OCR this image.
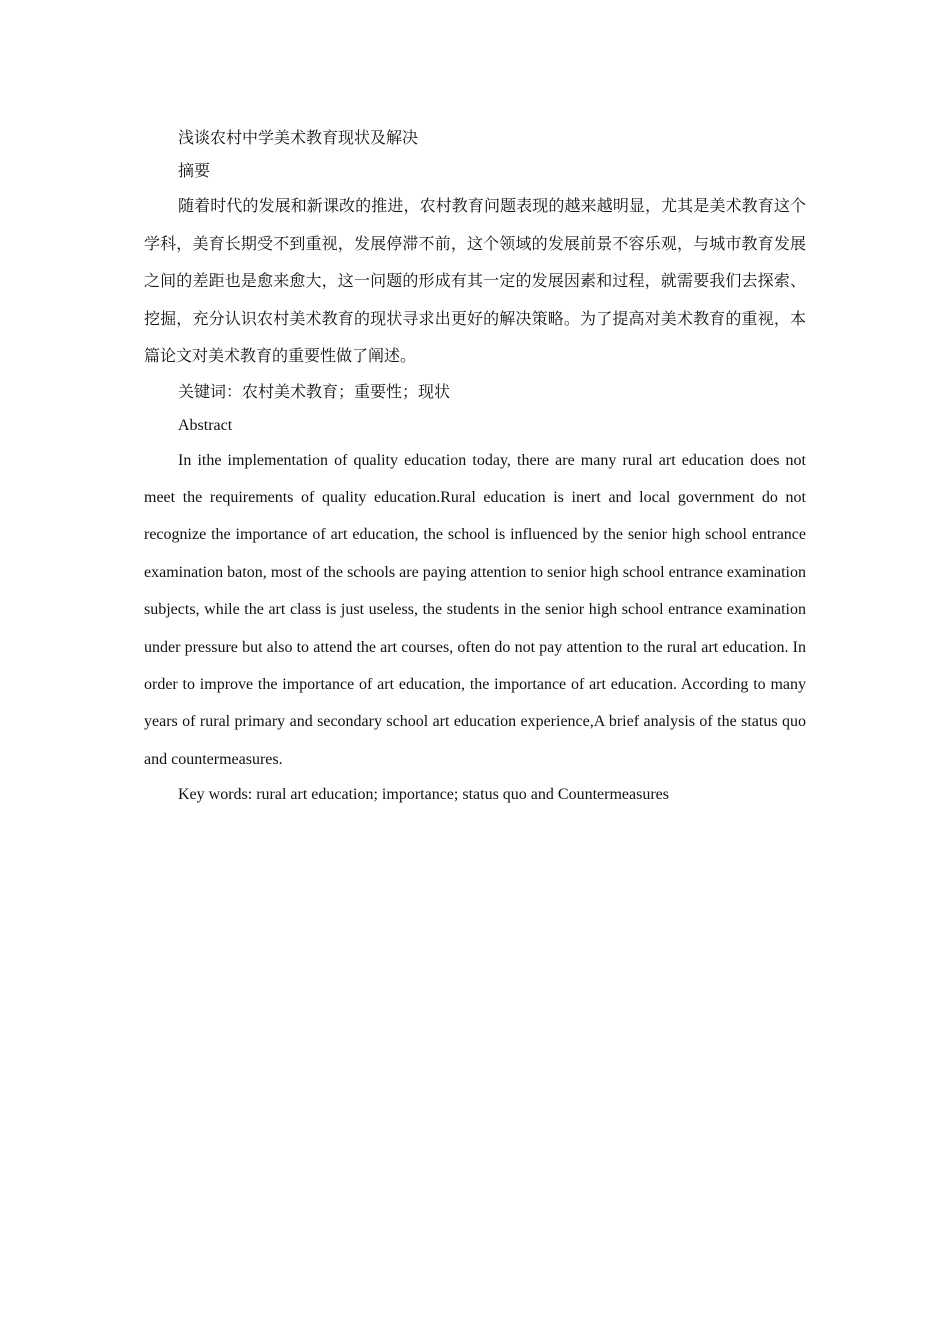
浅谈农村中学美术教育现状及解决

摘要

随着时代的发展和新课改的推进，农村教育问题表现的越来越明显，尤其是美术教育这个学科，美育长期受不到重视，发展停滞不前，这个领域的发展前景不容乐观，与城市教育发展之间的差距也是愈来愈大，这一问题的形成有其一定的发展因素和过程，就需要我们去探索、挖掘，充分认识农村美术教育的现状寻求出更好的解决策略。为了提高对美术教育的重视，本篇论文对美术教育的重要性做了阐述。

关键词：农村美术教育；重要性；现状

Abstract

In ithe implementation of quality education today, there are many rural art education does not meet the requirements of quality education.Rural education is inert and local government do not recognize the importance of art education, the school is influenced by the senior high school entrance examination baton, most of the schools are paying attention to senior high school entrance examination subjects, while the art class is just useless, the students in the senior high school entrance examination under pressure but also to attend the art courses, often do not pay attention to the rural art education. In order to improve the importance of art education, the importance of art education. According to many years of rural primary and secondary school art education experience,A brief analysis of the status quo and countermeasures.

Key words: rural art education; importance; status quo and Countermeasures
